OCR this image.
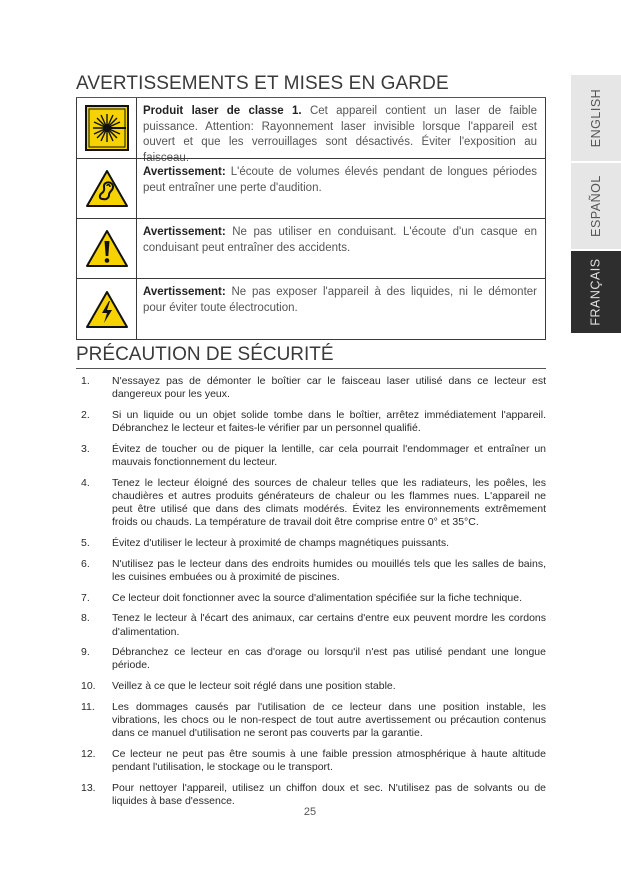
AVERTISSEMENTS ET MISES EN GARDE
Produit laser de classe 1. Cet appareil contient un laser de faible puissance. Attention: Rayonnement laser invisible lorsque l'appareil est ouvert et que les verrouillages sont désactivés. Éviter l'exposition au faisceau.
Avertissement: L'écoute de volumes élevés pendant de longues périodes peut entraîner une perte d'audition.
Avertissement: Ne pas utiliser en conduisant. L'écoute d'un casque en conduisant peut entraîner des accidents.
Avertissement: Ne pas exposer l'appareil à des liquides, ni le démonter pour éviter toute électrocution.
PRÉCAUTION DE SÉCURITÉ
1.	N'essayez pas de démonter le boîtier car le faisceau laser utilisé dans ce lecteur est dangereux pour les yeux.
2.	Si un liquide ou un objet solide tombe dans le boîtier, arrêtez immédiatement l'appareil. Débranchez le lecteur et faites-le vérifier par un personnel qualifié.
3.	Évitez de toucher ou de piquer la lentille, car cela pourrait l'endommager et entraîner un mauvais fonctionnement du lecteur.
4.	Tenez le lecteur éloigné des sources de chaleur telles que les radiateurs, les poêles, les chaudières et autres produits générateurs de chaleur ou les flammes nues. L'appareil ne peut être utilisé que dans des climats modérés. Évitez les environnements extrêmement froids ou chauds. La température de travail doit être comprise entre 0° et 35°C.
5.	Évitez d'utiliser le lecteur à proximité de champs magnétiques puissants.
6.	N'utilisez pas le lecteur dans des endroits humides ou mouillés tels que les salles de bains, les cuisines embuées ou à proximité de piscines.
7.	Ce lecteur doit fonctionner avec la source d'alimentation spécifiée sur la fiche technique.
8.	Tenez le lecteur à l'écart des animaux, car certains d'entre eux peuvent mordre les cordons d'alimentation.
9.	Débranchez ce lecteur en cas d'orage ou lorsqu'il n'est pas utilisé pendant une longue période.
10.	Veillez à ce que le lecteur soit réglé dans une position stable.
11.	Les dommages causés par l'utilisation de ce lecteur dans une position instable, les vibrations, les chocs ou le non-respect de tout autre avertissement ou précaution contenus dans ce manuel d'utilisation ne seront pas couverts par la garantie.
12.	Ce lecteur ne peut pas être soumis à une faible pression atmosphérique à haute altitude pendant l'utilisation, le stockage ou le transport.
13.	Pour nettoyer l'appareil, utilisez un chiffon doux et sec. N'utilisez pas de solvants ou de liquides à base d'essence.
25
ENGLISH
ESPAÑOL
FRANÇAIS
